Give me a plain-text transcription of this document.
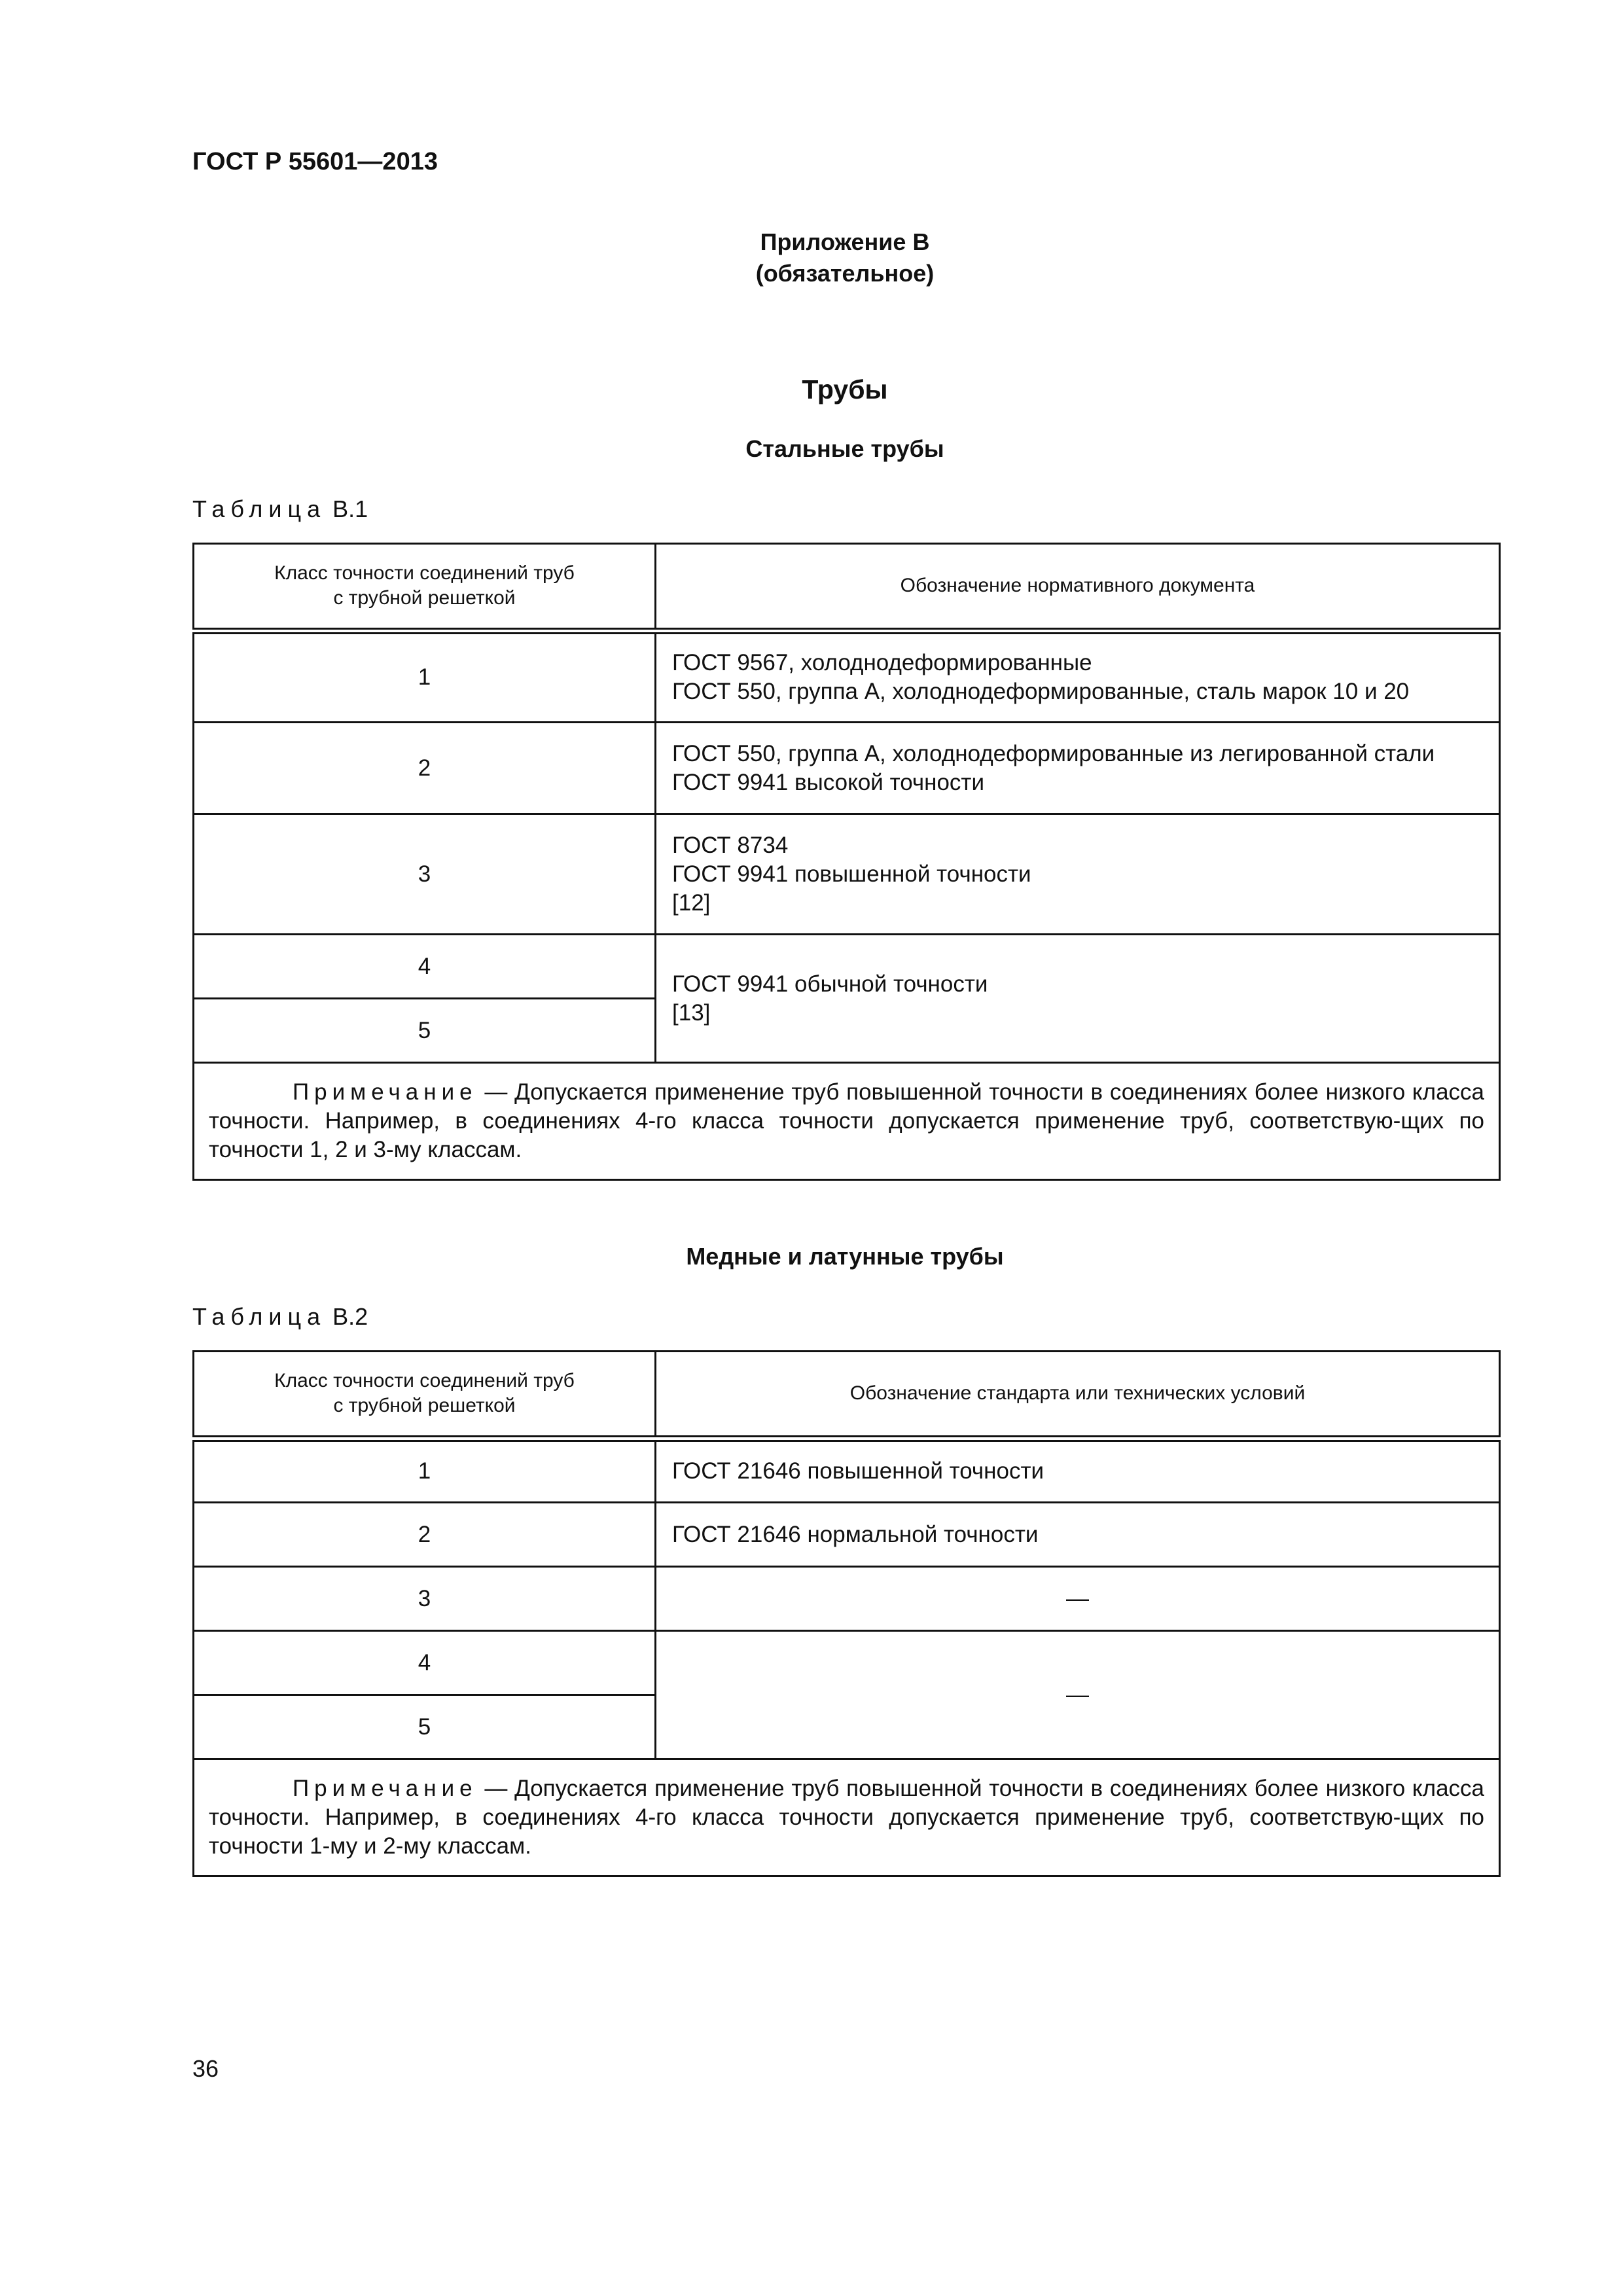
ГОСТ Р 55601—2013
Приложение В
(обязательное)
Трубы
Стальные трубы
Таблица В.1
Класс точности соединений труб
с трубной решеткой	Обозначение нормативного документа
1	ГОСТ 9567, холоднодеформированные
ГОСТ 550, группа А, холоднодеформированные, сталь марок 10 и 20

2	ГОСТ 550, группа А, холоднодеформированные из легированной стали
ГОСТ 9941 высокой точности

3	ГОСТ 8734
ГОСТ 9941 повышенной точности
[12]

4	ГОСТ 9941 обычной точности
[13]

5	
Примечание — Допускается применение труб повышенной точности в соединениях более низкого класса точности. Например, в соединениях 4-го класса точности допускается применение труб, соответствую-щих по точности 1, 2 и 3-му классам.	
Медные и латунные трубы
Таблица В.2
Класс точности соединений труб
с трубной решеткой	Обозначение стандарта или технических условий
1	ГОСТ 21646 повышенной точности
2	ГОСТ 21646 нормальной точности
3	—
4	—
5	
Примечание — Допускается применение труб повышенной точности в соединениях более низкого класса точности. Например, в соединениях 4-го класса точности допускается применение труб, соответствую-щих по точности 1-му и 2-му классам.	
36
